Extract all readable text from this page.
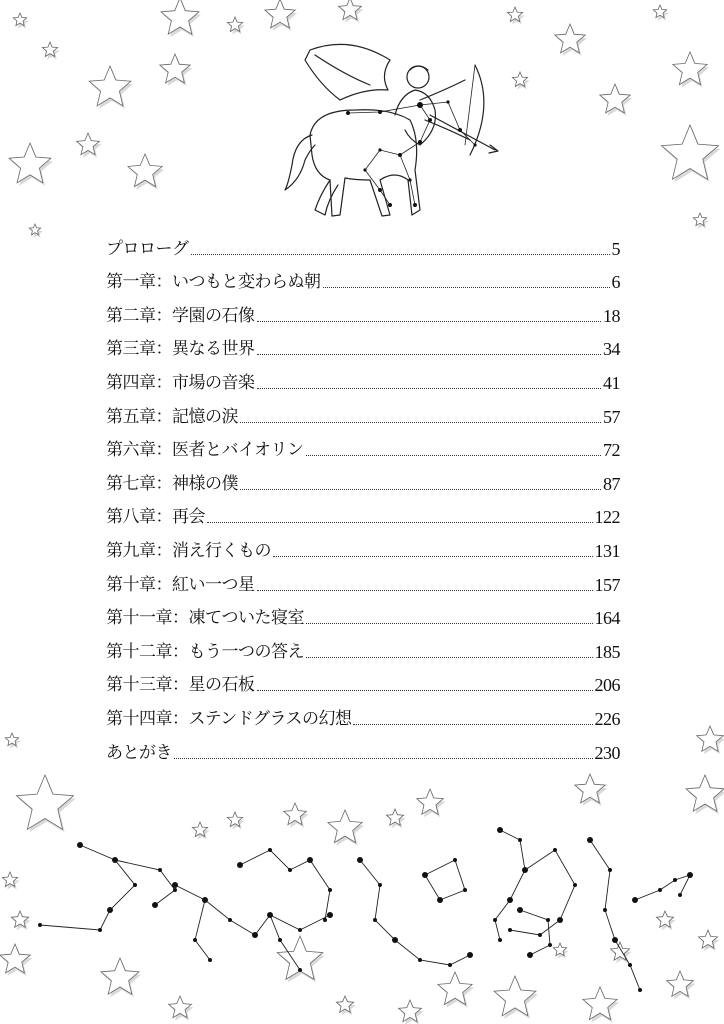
プロローグ	5
第一章：いつもと変わらぬ朝	6
第二章：学園の石像	18
第三章：異なる世界	34
第四章：市場の音楽	41
第五章：記憶の涙	57
第六章：医者とバイオリン	72
第七章：神様の僕	87
第八章：再会	122
第九章：消え行くもの	131
第十章：紅い一つ星	157
第十一章：凍てついた寝室	164
第十二章：もう一つの答え	185
第十三章：星の石板	206
第十四章：ステンドグラスの幻想	226
あとがき	230
